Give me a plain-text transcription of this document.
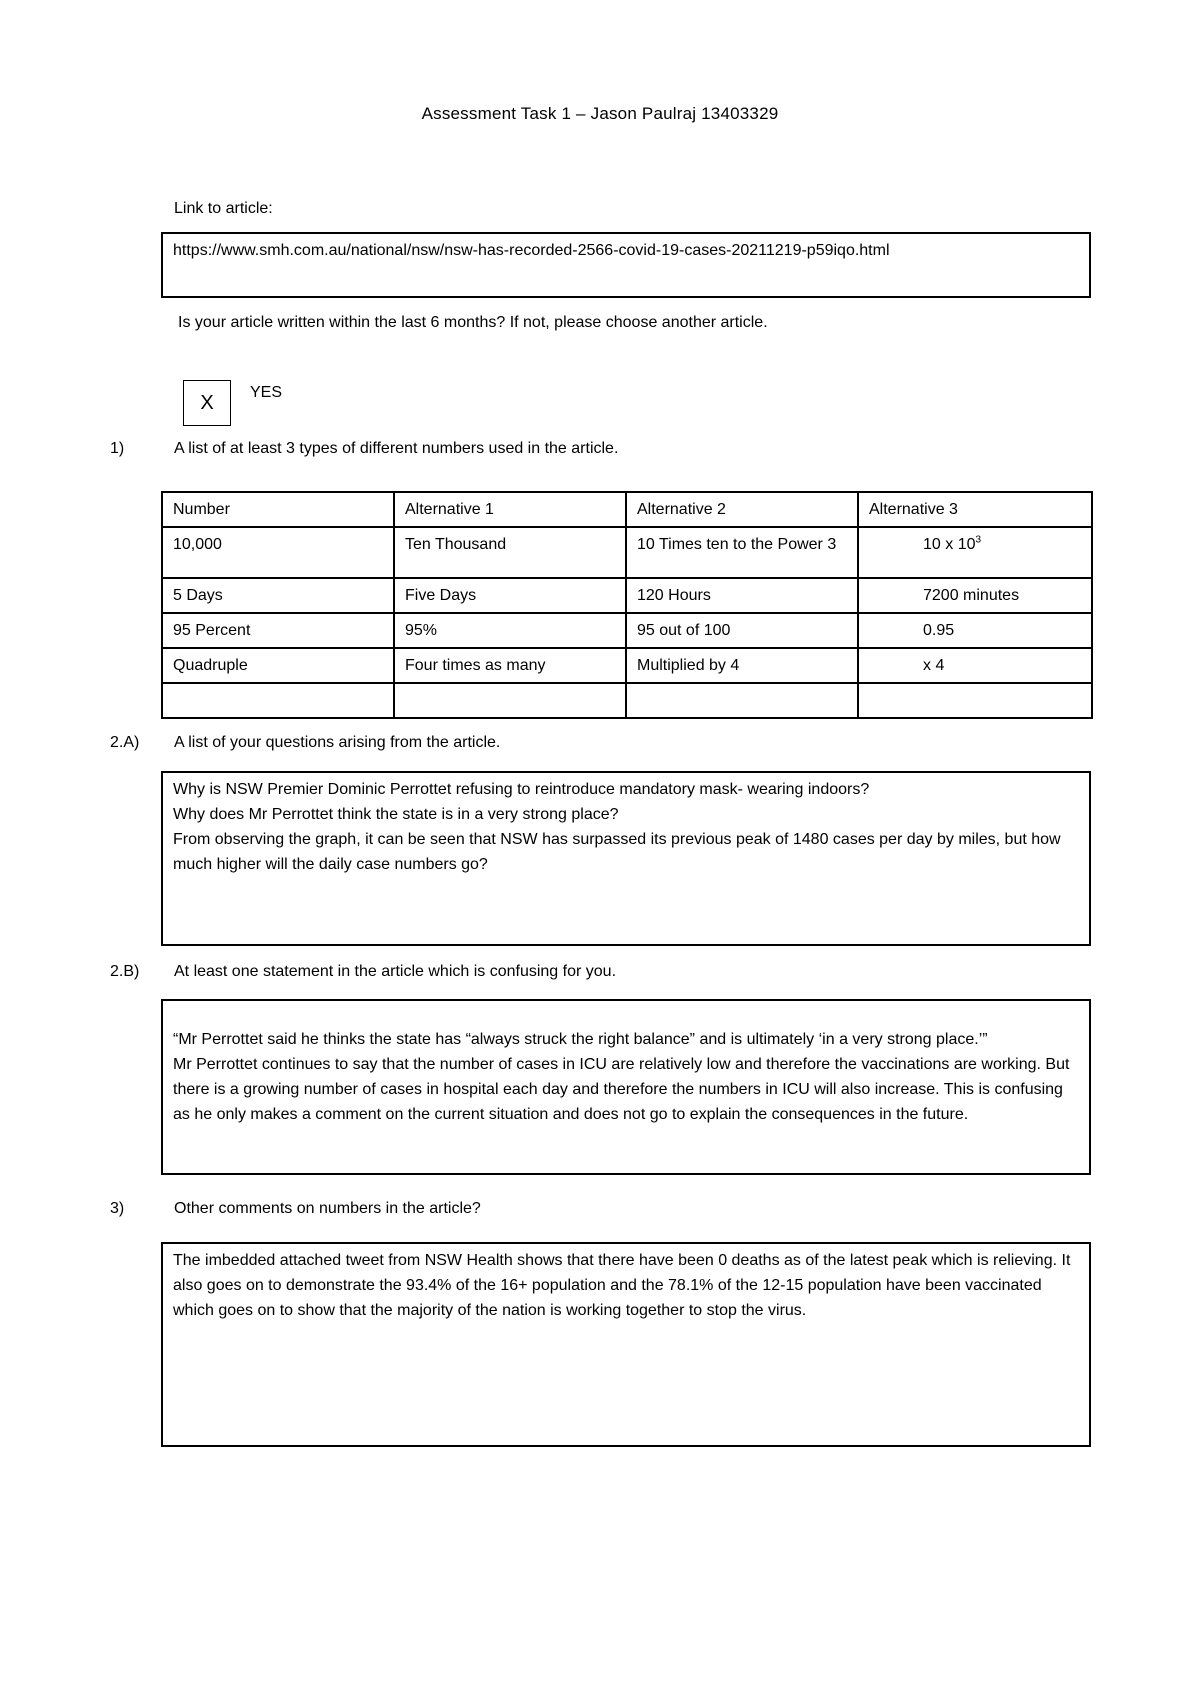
Assessment Task 1 – Jason Paulraj 13403329
Link to article:
https://www.smh.com.au/national/nsw/nsw-has-recorded-2566-covid-19-cases-20211219-p59iqo.html
Is your article written within the last 6 months? If not, please choose another article.
X YES
1)	A list of at least 3 types of different numbers used in the article.
Number	Alternative 1	Alternative 2	Alternative 3
10,000	Ten Thousand	10 Times ten to the Power 3	10 x $10^3$
5 Days	Five Days	120 Hours	7200 minutes
95 Percent	95%	95 out of 100	0.95
Quadruple	Four times as many	Multiplied by 4	x 4

2.A) A list of your questions arising from the article.

Why is NSW Premier Dominic Perrottet refusing to reintroduce mandatory mask- wearing indoors?

Why does Mr Perrottet think the state is in a very strong place?

From observing the graph, it can be seen that NSW has surpassed its previous peak of 1480 cases per day by miles, but how much higher will the daily case numbers go?

2.B) At least one statement in the article which is confusing for you.

“Mr Perrottet said he thinks the state has “always struck the right balance” and is ultimately ‘in a very strong place.’”

Mr Perrottet continues to say that the number of cases in ICU are relatively low and therefore the vaccinations are working. But there is a growing number of cases in hospital each day and therefore the numbers in ICU will also increase. This is confusing as he only makes a comment on the current situation and does not go to explain the consequences in the future.

3)	Other comments on numbers in the article?

The imbedded attached tweet from NSW Health shows that there have been 0 deaths as of the latest peak which is relieving. It also goes on to demonstrate the 93.4% of the 16+ population and the 78.1% of the 12-15 population have been vaccinated which goes on to show that the majority of the nation is working together to stop the virus.
